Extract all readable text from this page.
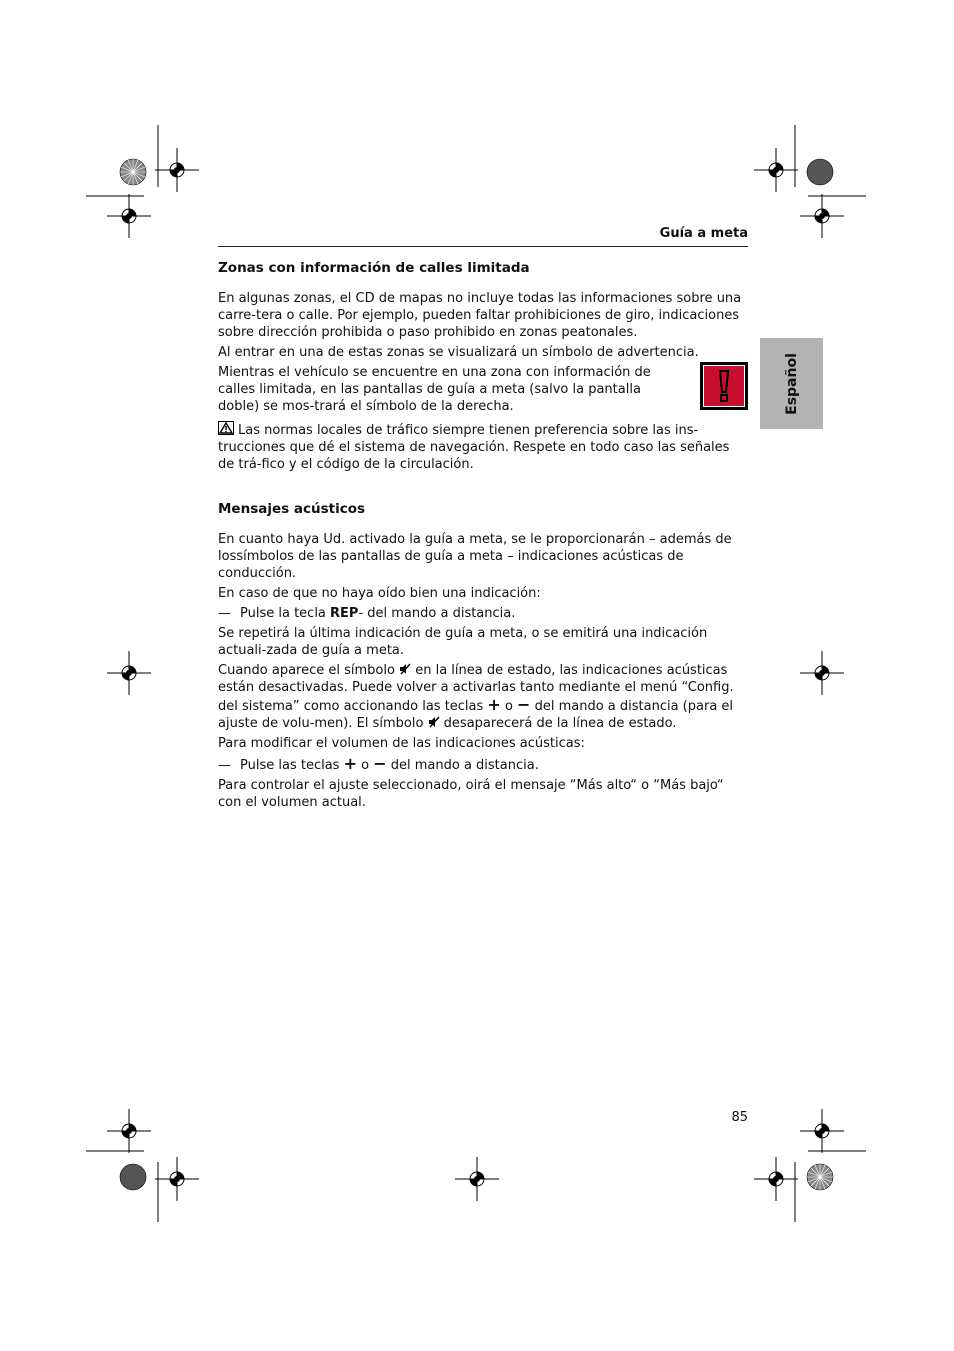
Guía a meta
Español
Zonas con información de calles limitada

En algunas zonas, el CD de mapas no incluye todas las informaciones sobre una carre-tera o calle. Por ejemplo, pueden faltar prohibiciones de giro, indicaciones sobre dirección prohibida o paso prohibido en zonas peatonales.

Al entrar en una de estas zonas se visualizará un símbolo de advertencia.

Mientras el vehículo se encuentre en una zona con información de calles limitada, en las pantallas de guía a meta (salvo la pantalla doble) se mos-trará el símbolo de la derecha.

Las normas locales de tráfico siempre tienen preferencia sobre las ins-trucciones que dé el sistema de navegación. Respete en todo caso las señales de trá-fico y el código de la circulación.

Mensajes acústicos

En cuanto haya Ud. activado la guía a meta, se le proporcionarán – además de lossímbolos de las pantallas de guía a meta – indicaciones acústicas de conducción.

En caso de que no haya oído bien una indicación:

— Pulse la tecla REP- del mando a distancia.

Se repetirá la última indicación de guía a meta, o se emitirá una indicación actuali-zada de guía a meta.

Cuando aparece el símbolo  en la línea de estado, las indicaciones acústicas están desactivadas. Puede volver a activarlas tanto mediante el menú “Config. del sistema” como accionando las teclas + o − del mando a distancia (para el ajuste de volu-men). El símbolo  desaparecerá de la línea de estado.

Para modificar el volumen de las indicaciones acústicas:

— Pulse las teclas + o − del mando a distancia.

Para controlar el ajuste seleccionado, oirá el mensaje “Más alto“ o “Más bajo“ con el volumen actual.

85
